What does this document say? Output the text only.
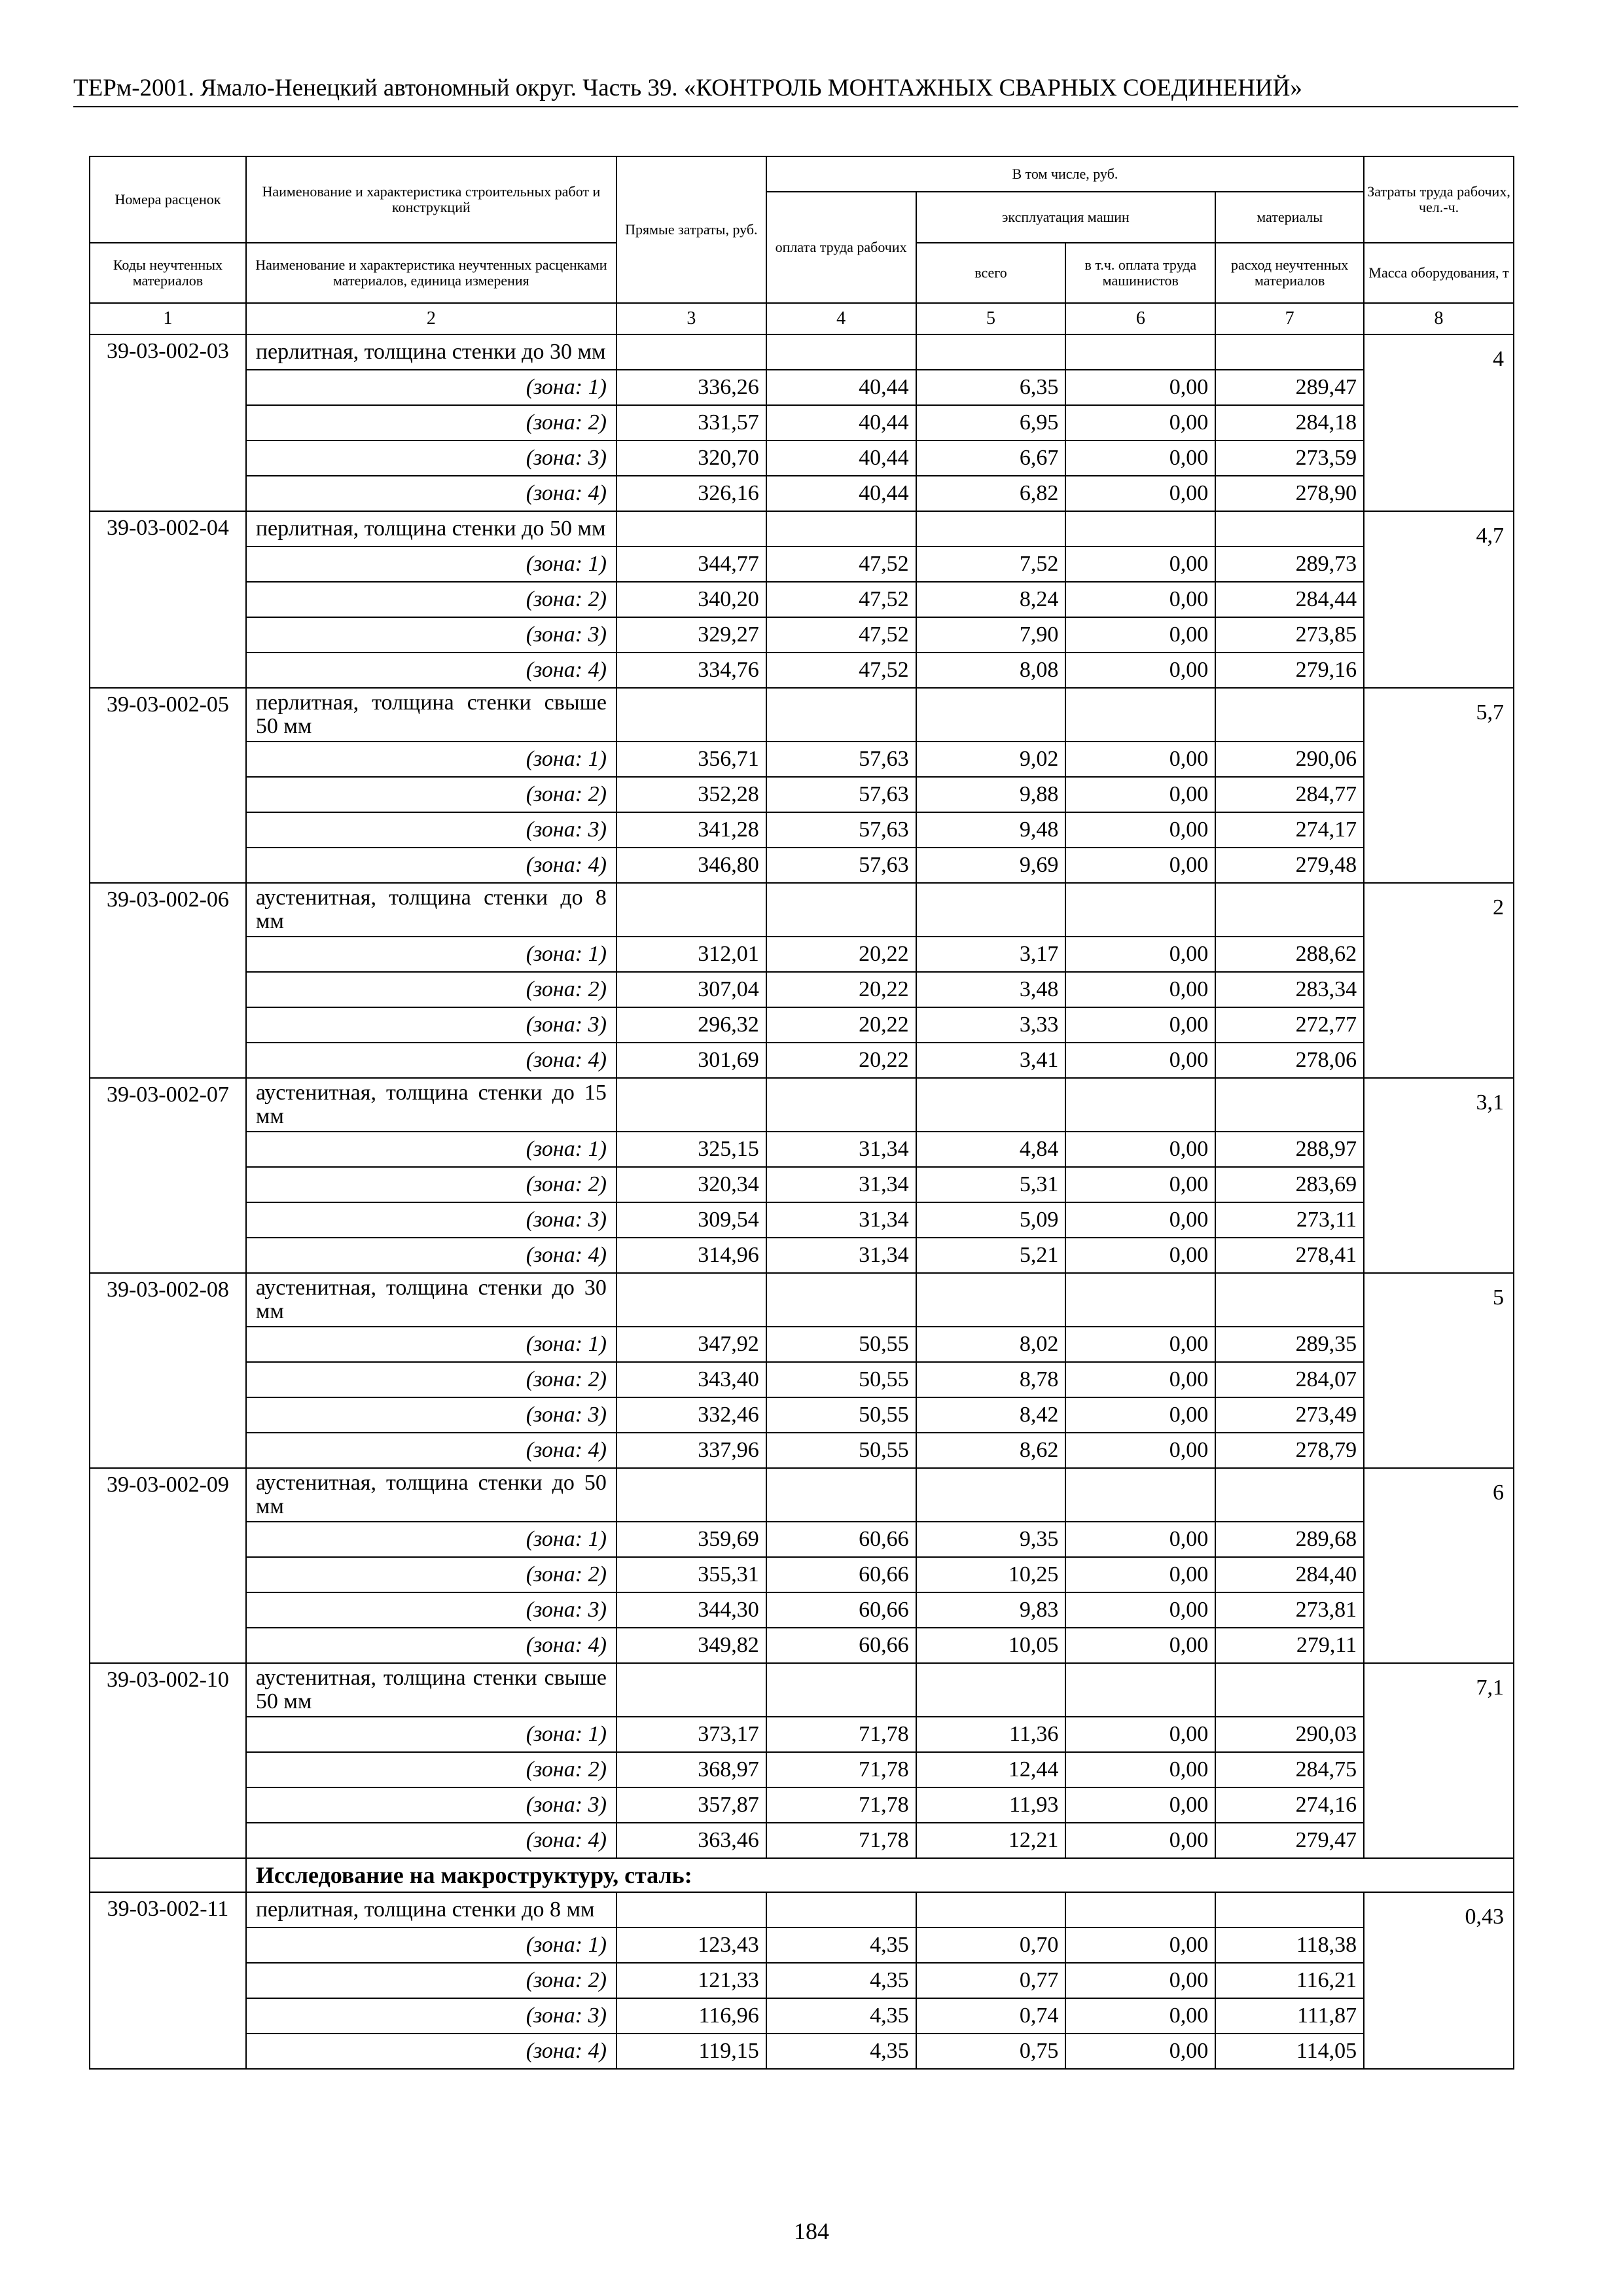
ТЕРм-2001. Ямало-Ненецкий автономный округ. Часть 39. «КОНТРОЛЬ МОНТАЖНЫХ СВАРНЫХ СОЕДИНЕНИЙ»
Номера расценок	Наименование и характеристика строительных работ и конструкций	Прямые затраты, руб.	В том числе, руб.				Затраты труда рабочих, чел.-ч.
			оплата труда рабочих	эксплуатация машин		материалы	
Коды неучтенных материалов	Наименование и характеристика неучтенных расценками материалов, единица измерения			всего	в т.ч. оплата труда машинистов	расход неучтенных материалов	Масса оборудования, т
1	2	3	4	5	6	7	8
39-03-002-03	перлитная, толщина стенки до 30 мм						4
	(зона: 1)	336,26	40,44	6,35	0,00	289,47	
	(зона: 2)	331,57	40,44	6,95	0,00	284,18	
	(зона: 3)	320,70	40,44	6,67	0,00	273,59	
	(зона: 4)	326,16	40,44	6,82	0,00	278,90	
39-03-002-04	перлитная, толщина стенки до 50 мм						4,7
	(зона: 1)	344,77	47,52	7,52	0,00	289,73	
	(зона: 2)	340,20	47,52	8,24	0,00	284,44	
	(зона: 3)	329,27	47,52	7,90	0,00	273,85	
	(зона: 4)	334,76	47,52	8,08	0,00	279,16	
39-03-002-05	перлитная, толщина стенки свыше 50 мм						5,7
	(зона: 1)	356,71	57,63	9,02	0,00	290,06	
	(зона: 2)	352,28	57,63	9,88	0,00	284,77	
	(зона: 3)	341,28	57,63	9,48	0,00	274,17	
	(зона: 4)	346,80	57,63	9,69	0,00	279,48	
39-03-002-06	аустенитная, толщина стенки до 8 мм						2
	(зона: 1)	312,01	20,22	3,17	0,00	288,62	
	(зона: 2)	307,04	20,22	3,48	0,00	283,34	
	(зона: 3)	296,32	20,22	3,33	0,00	272,77	
	(зона: 4)	301,69	20,22	3,41	0,00	278,06	
39-03-002-07	аустенитная, толщина стенки до 15 мм						3,1
	(зона: 1)	325,15	31,34	4,84	0,00	288,97	
	(зона: 2)	320,34	31,34	5,31	0,00	283,69	
	(зона: 3)	309,54	31,34	5,09	0,00	273,11	
	(зона: 4)	314,96	31,34	5,21	0,00	278,41	
39-03-002-08	аустенитная, толщина стенки до 30 мм						5
	(зона: 1)	347,92	50,55	8,02	0,00	289,35	
	(зона: 2)	343,40	50,55	8,78	0,00	284,07	
	(зона: 3)	332,46	50,55	8,42	0,00	273,49	
	(зона: 4)	337,96	50,55	8,62	0,00	278,79	
39-03-002-09	аустенитная, толщина стенки до 50 мм						6
	(зона: 1)	359,69	60,66	9,35	0,00	289,68	
	(зона: 2)	355,31	60,66	10,25	0,00	284,40	
	(зона: 3)	344,30	60,66	9,83	0,00	273,81	
	(зона: 4)	349,82	60,66	10,05	0,00	279,11	
39-03-002-10	аустенитная, толщина стенки свыше 50 мм						7,1
	(зона: 1)	373,17	71,78	11,36	0,00	290,03	
	(зона: 2)	368,97	71,78	12,44	0,00	284,75	
	(зона: 3)	357,87	71,78	11,93	0,00	274,16	
	(зона: 4)	363,46	71,78	12,21	0,00	279,47	
	Исследование на макроструктуру, сталь:						
39-03-002-11	перлитная, толщина стенки до 8 мм						0,43
	(зона: 1)	123,43	4,35	0,70	0,00	118,38	
	(зона: 2)	121,33	4,35	0,77	0,00	116,21	
	(зона: 3)	116,96	4,35	0,74	0,00	111,87	
	(зона: 4)	119,15	4,35	0,75	0,00	114,05	
184
